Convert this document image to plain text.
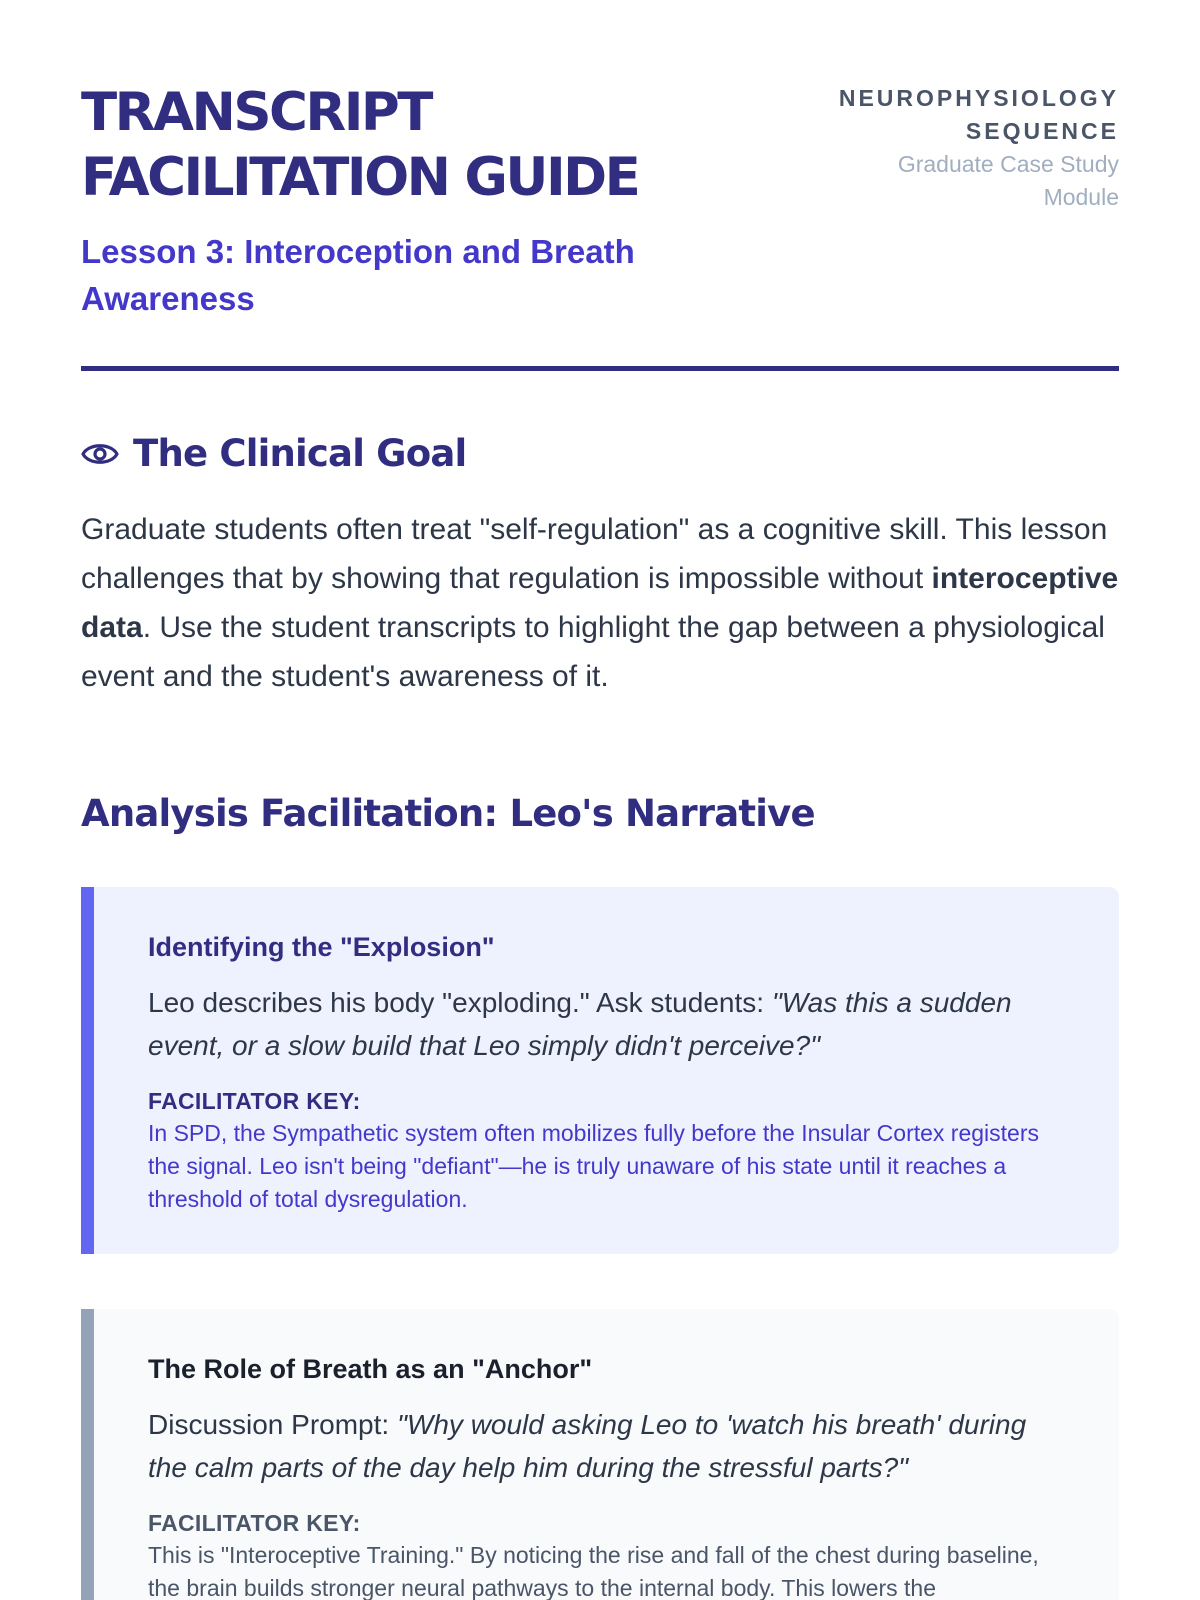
TRANSCRIPT
FACILITATION GUIDE

Lesson 3: Interoception and Breath Awareness

NEUROPHYSIOLOGY
SEQUENCE
Graduate Case Study
Module
The Clinical Goal

Graduate students often treat "self-regulation" as a cognitive skill. This lesson challenges that by showing that regulation is impossible without interoceptive data. Use the student transcripts to highlight the gap between a physiological event and the student's awareness of it.

Analysis Facilitation: Leo's Narrative
Identifying the "Explosion"

Leo describes his body "exploding." Ask students: "Was this a sudden event, or a slow build that Leo simply didn't perceive?"

FACILITATOR KEY:

In SPD, the Sympathetic system often mobilizes fully before the Insular Cortex registers the signal. Leo isn't being "defiant"—he is truly unaware of his state until it reaches a threshold of total dysregulation.

The Role of Breath as an "Anchor"

Discussion Prompt: "Why would asking Leo to 'watch his breath' during the calm parts of the day help him during the stressful parts?"

FACILITATOR KEY:

This is "Interoceptive Training." By noticing the rise and fall of the chest during baseline, the brain builds stronger neural pathways to the internal body. This lowers the
